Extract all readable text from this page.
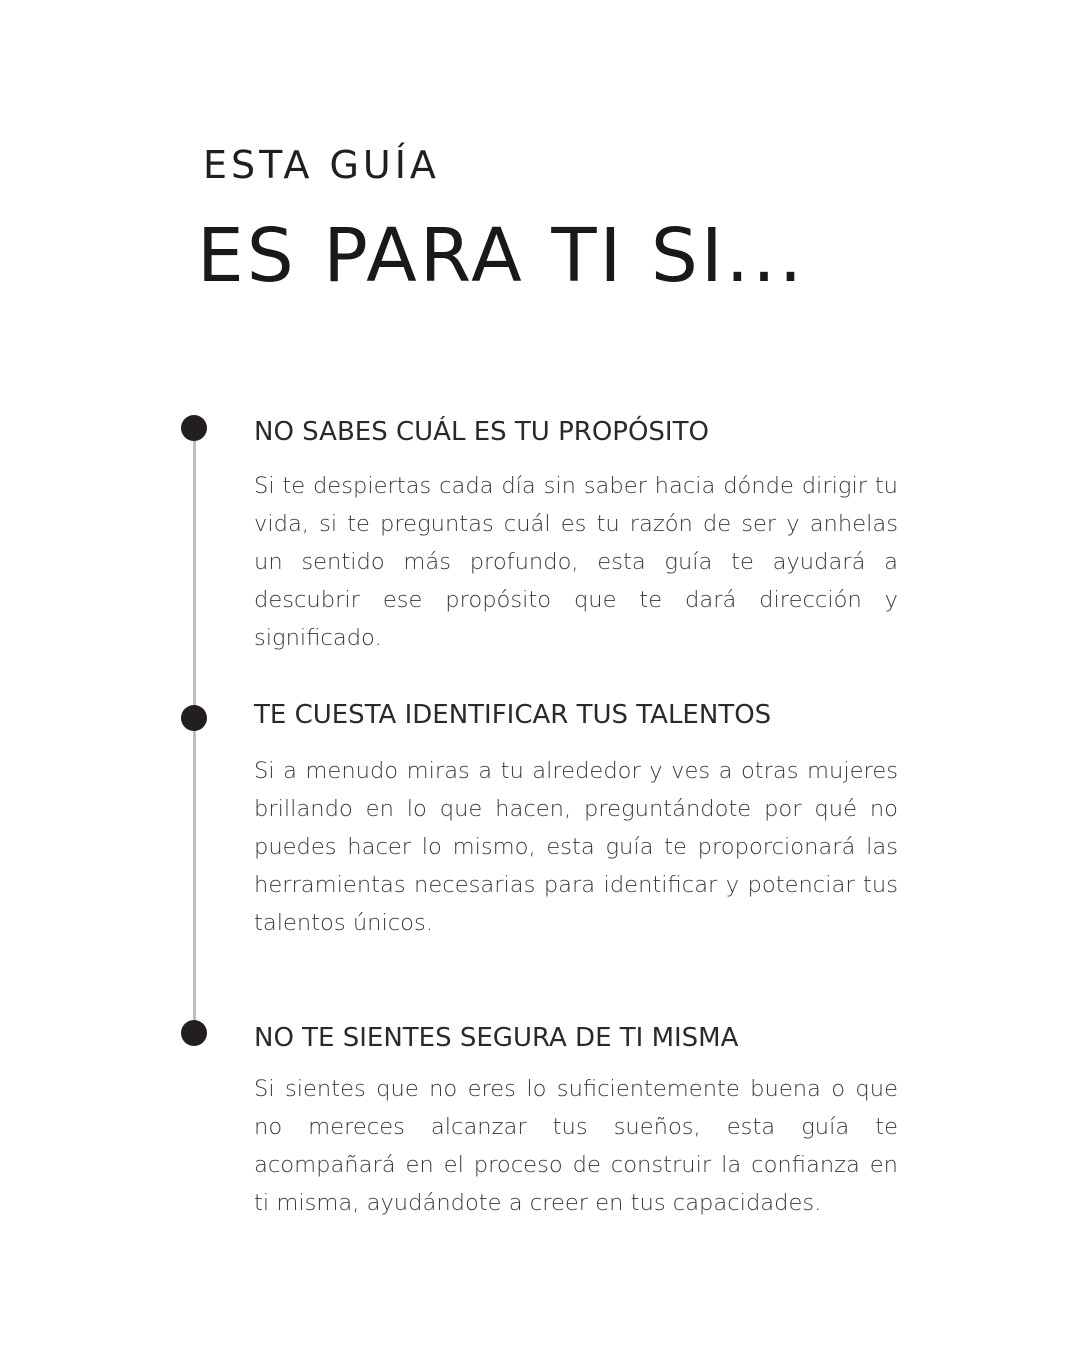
ESTA GUÍA
ES PARA TI SI...
NO SABES CUÁL ES TU PROPÓSITO
Si te despiertas cada día sin saber hacia dónde dirigir tu vida, si te preguntas cuál es tu razón de ser y anhelas un sentido más profundo, esta guía te ayudará a descubrir ese propósito que te dará dirección y significado.
TE CUESTA IDENTIFICAR TUS TALENTOS
Si a menudo miras a tu alrededor y ves a otras mujeres brillando en lo que hacen, preguntándote por qué no puedes hacer lo mismo, esta guía te proporcionará las herramientas necesarias para identificar y potenciar tus talentos únicos.
NO TE SIENTES SEGURA DE TI MISMA
Si sientes que no eres lo suficientemente buena o que no mereces alcanzar tus sueños, esta guía te acompañará en el proceso de construir la confianza en ti misma, ayudándote a creer en tus capacidades.
